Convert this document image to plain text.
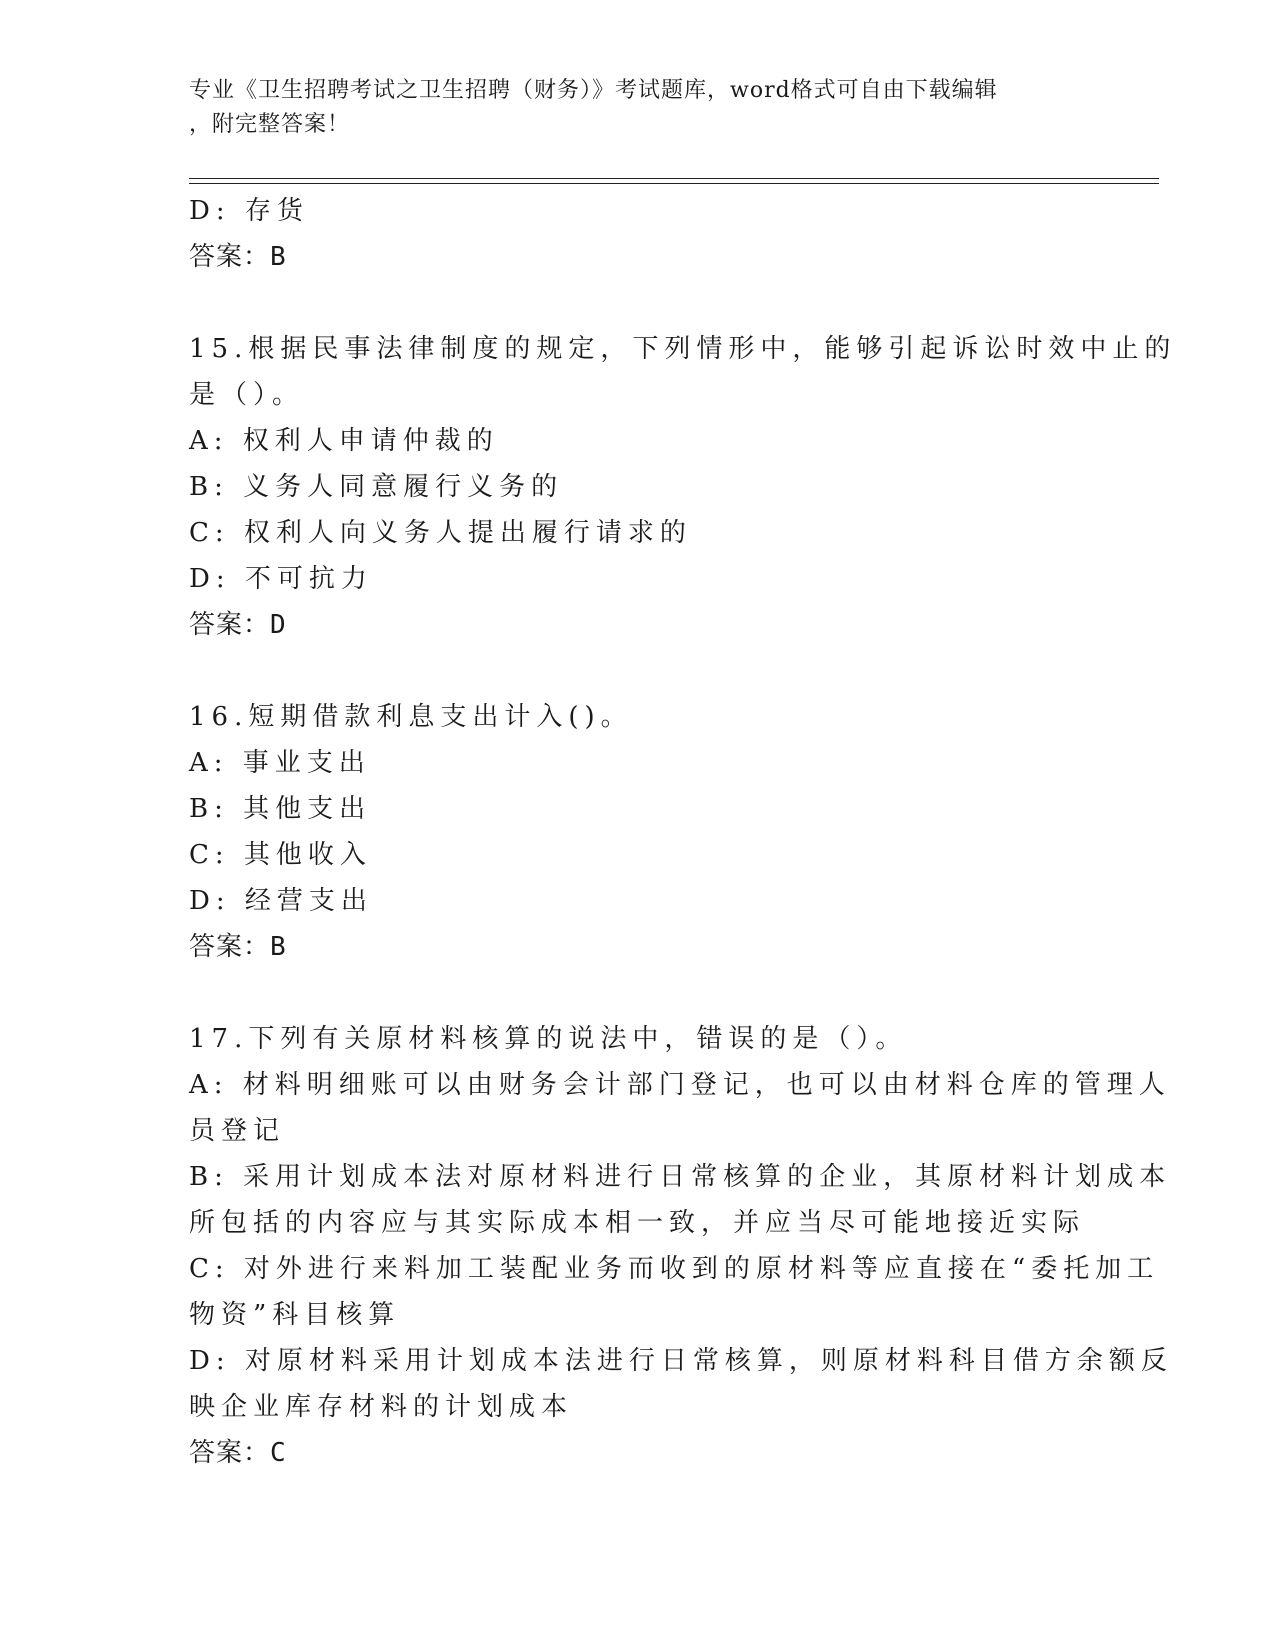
专业《卫生招聘考试之卫生招聘（财务）》考试题库，word格式可自由下载编辑
，附完整答案！
D: 存货
答案：B
15.根据民事法律制度的规定，下列情形中，能够引起诉讼时效中止的
是（）。
A: 权利人申请仲裁的
B: 义务人同意履行义务的
C: 权利人向义务人提出履行请求的
D: 不可抗力
答案：D
16.短期借款利息支出计入()。
A: 事业支出
B: 其他支出
C: 其他收入
D: 经营支出
答案：B
17.下列有关原材料核算的说法中，错误的是（）。
A: 材料明细账可以由财务会计部门登记，也可以由材料仓库的管理人
员登记
B: 采用计划成本法对原材料进行日常核算的企业，其原材料计划成本
所包括的内容应与其实际成本相一致，并应当尽可能地接近实际
C: 对外进行来料加工装配业务而收到的原材料等应直接在“委托加工
物资”科目核算
D: 对原材料采用计划成本法进行日常核算，则原材料科目借方余额反
映企业库存材料的计划成本
答案：C
